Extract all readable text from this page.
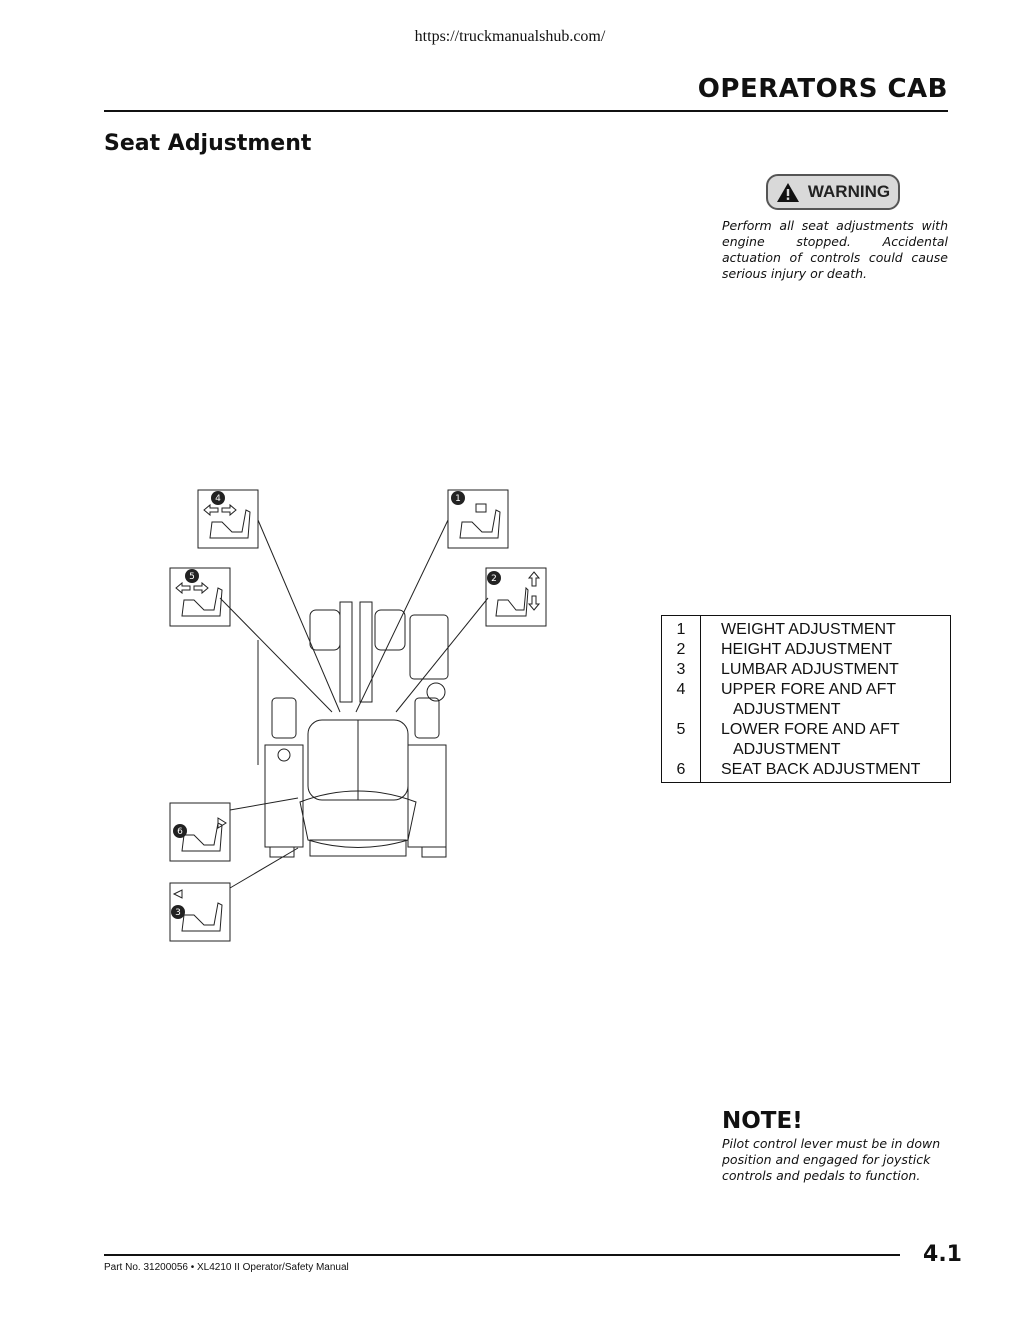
https://truckmanualshub.com/
OPERATORS CAB
Seat Adjustment
WARNING
Perform all seat adjustments with engine stopped. Accidental actuation of controls could cause serious injury or death.
4	1
5	2
6
3
1	WEIGHT ADJUSTMENT

2	HEIGHT ADJUSTMENT

3	LUMBAR ADJUSTMENT

4	UPPER FORE AND AFT
ADJUSTMENT

5	LOWER FORE AND AFT
ADJUSTMENT

6	SEAT BACK ADJUSTMENT
NOTE!
Pilot control lever must be in down position and engaged for joystick controls and pedals to function.
Part No. 31200056 • XL4210 II Operator/Safety Manual
4.1
